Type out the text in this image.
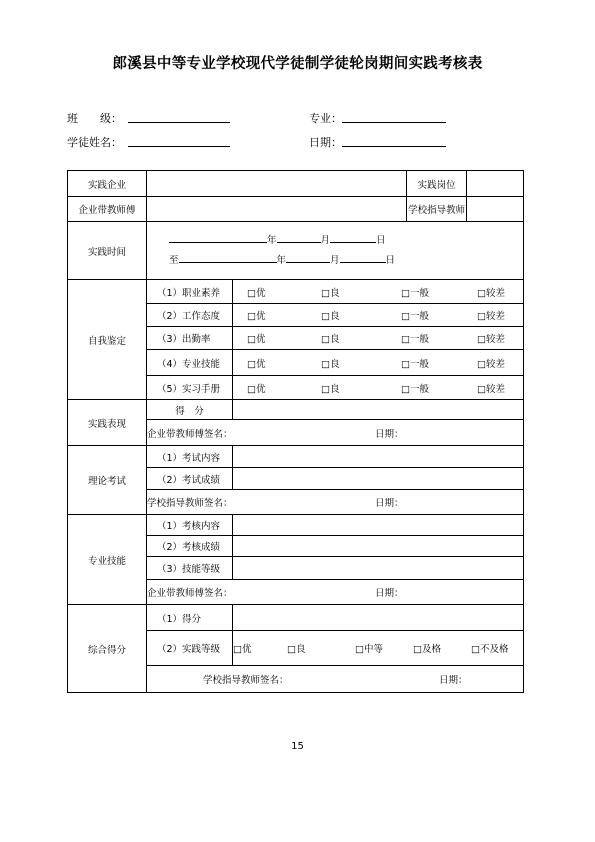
郎溪县中等专业学校现代学徒制学徒轮岗期间实践考核表
班　　级：	专业：
学徒姓名：	日期：
实践企业			实践岗位	
企业带教师傅			学校指导教师	
实践时间	年 月 日
至 年 月 日			

自我鉴定	（1）职业素养	□优 □良 □一般 □较差		

	（2）工作态度	□优 □良 □一般 □较差		

	（3）出勤率	□优 □良 □一般 □较差		

	（4）专业技能	□优 □良 □一般 □较差		

	（5）实习手册	□优 □良 □一般 □较差		

实践表现	得　分			
	企业带教师傅签名： 日期：			
理论考试	（1）考试内容			
	（2）考试成绩			
	学校指导教师签名： 日期：			
专业技能	（1）考核内容			
	（2）考核成绩			
	（3）技能等级			
	企业带教师傅签名： 日期：			
综合得分	（1）得分			
	（2）实践等级	□优 □良 □中等 □及格 □不及格		

	学校指导教师签名： 日期：			
15
